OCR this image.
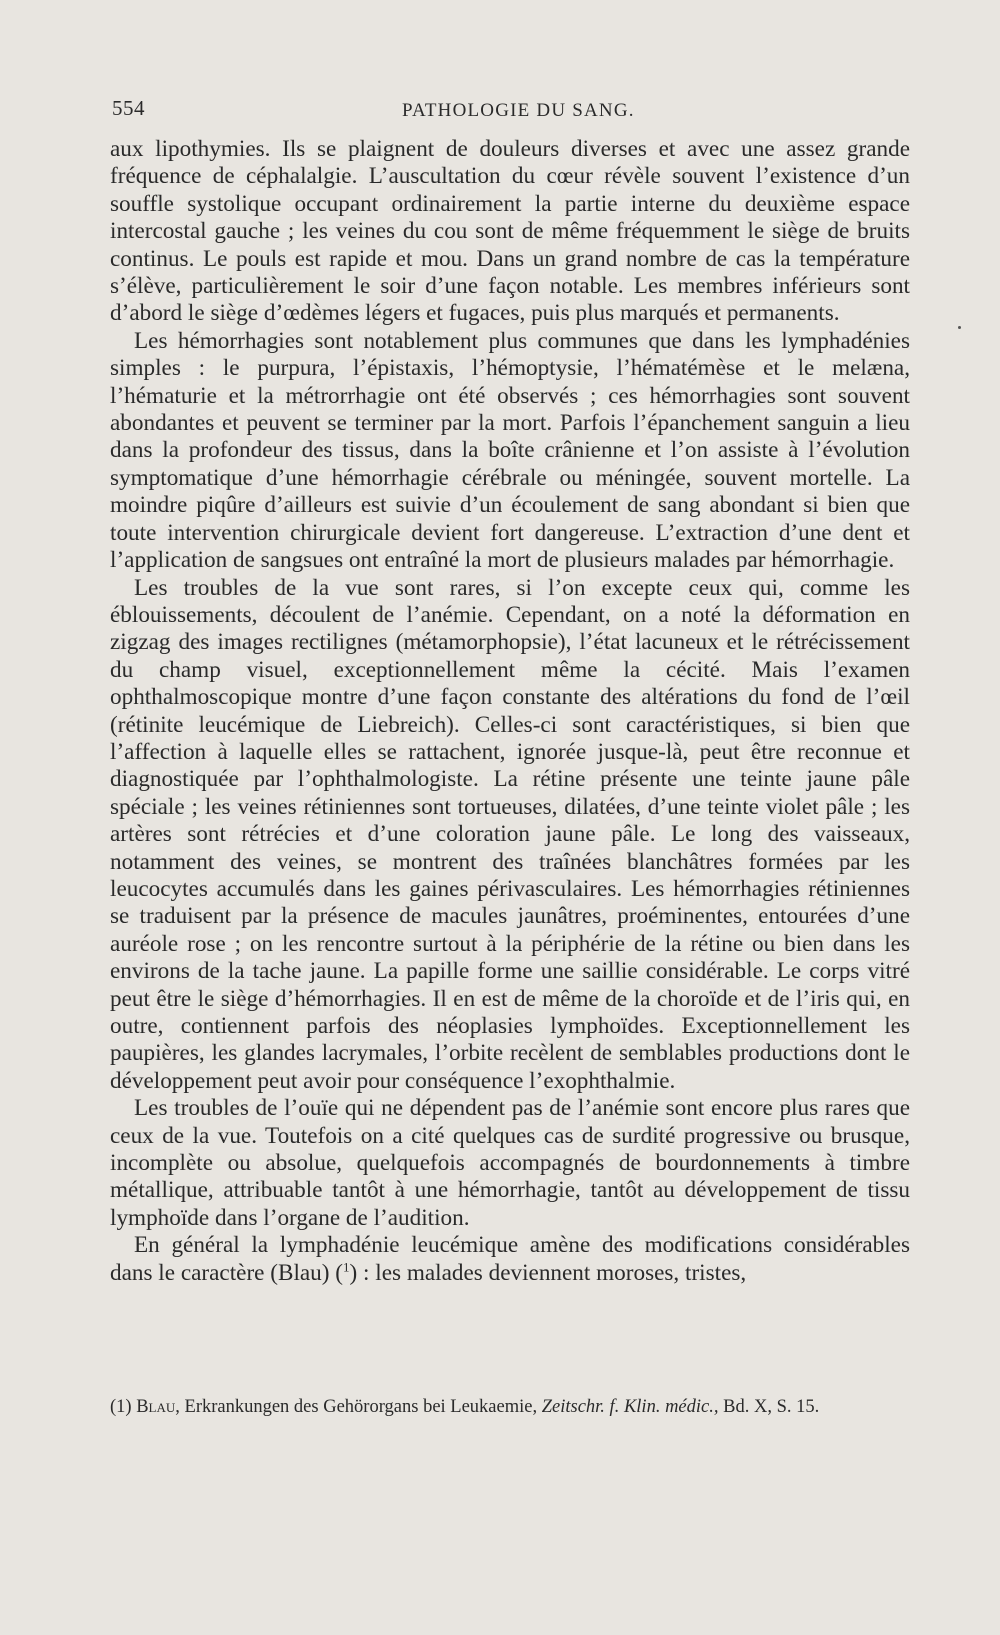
554	PATHOLOGIE DU SANG.

aux lipothymies. Ils se plaignent de douleurs diverses et avec une assez grande fréquence de céphalalgie. L’auscultation du cœur révèle souvent l’existence d’un souffle systolique occupant ordinairement la partie interne du deuxième espace intercostal gauche ; les veines du cou sont de même fréquemment le siège de bruits continus. Le pouls est rapide et mou. Dans un grand nombre de cas la température s’élève, particulièrement le soir d’une façon notable. Les membres inférieurs sont d’abord le siège d’œdèmes légers et fugaces, puis plus marqués et permanents.

Les hémorrhagies sont notablement plus communes que dans les lymphadénies simples : le purpura, l’épistaxis, l’hémoptysie, l’hématémèse et le melæna, l’hématurie et la métrorrhagie ont été observés ; ces hémorrhagies sont souvent abondantes et peuvent se terminer par la mort. Parfois l’épanchement sanguin a lieu dans la profondeur des tissus, dans la boîte crânienne et l’on assiste à l’évolution symptomatique d’une hémorrhagie cérébrale ou méningée, souvent mortelle. La moindre piqûre d’ailleurs est suivie d’un écoulement de sang abondant si bien que toute intervention chirurgicale devient fort dangereuse. L’extraction d’une dent et l’application de sangsues ont entraîné la mort de plusieurs malades par hémorrhagie.

Les troubles de la vue sont rares, si l’on excepte ceux qui, comme les éblouissements, découlent de l’anémie. Cependant, on a noté la déformation en zigzag des images rectilignes (métamorphopsie), l’état lacuneux et le rétrécissement du champ visuel, exceptionnellement même la cécité. Mais l’examen ophthalmoscopique montre d’une façon constante des altérations du fond de l’œil (rétinite leucémique de Liebreich). Celles-ci sont caractéristiques, si bien que l’affection à laquelle elles se rattachent, ignorée jusque-là, peut être reconnue et diagnostiquée par l’ophthalmologiste. La rétine présente une teinte jaune pâle spéciale ; les veines rétiniennes sont tortueuses, dilatées, d’une teinte violet pâle ; les artères sont rétrécies et d’une coloration jaune pâle. Le long des vaisseaux, notamment des veines, se montrent des traînées blanchâtres formées par les leucocytes accumulés dans les gaines périvasculaires. Les hémorrhagies rétiniennes se traduisent par la présence de macules jaunâtres, proéminentes, entourées d’une auréole rose ; on les rencontre surtout à la périphérie de la rétine ou bien dans les environs de la tache jaune. La papille forme une saillie considérable. Le corps vitré peut être le siège d’hémorrhagies. Il en est de même de la choroïde et de l’iris qui, en outre, contiennent parfois des néoplasies lymphoïdes. Exceptionnellement les paupières, les glandes lacrymales, l’orbite recèlent de semblables productions dont le développement peut avoir pour conséquence l’exophthalmie.

Les troubles de l’ouïe qui ne dépendent pas de l’anémie sont encore plus rares que ceux de la vue. Toutefois on a cité quelques cas de surdité progressive ou brusque, incomplète ou absolue, quelquefois accompagnés de bourdonnements à timbre métallique, attribuable tantôt à une hémorrhagie, tantôt au développement de tissu lymphoïde dans l’organe de l’audition.

En général la lymphadénie leucémique amène des modifications considérables dans le caractère (Blau) ($^1$) : les malades deviennent moroses, tristes,

(1) Blau, Erkrankungen des Gehörorgans bei Leukaemie, Zeitschr. f. Klin. médic., Bd. X, S. 15.
